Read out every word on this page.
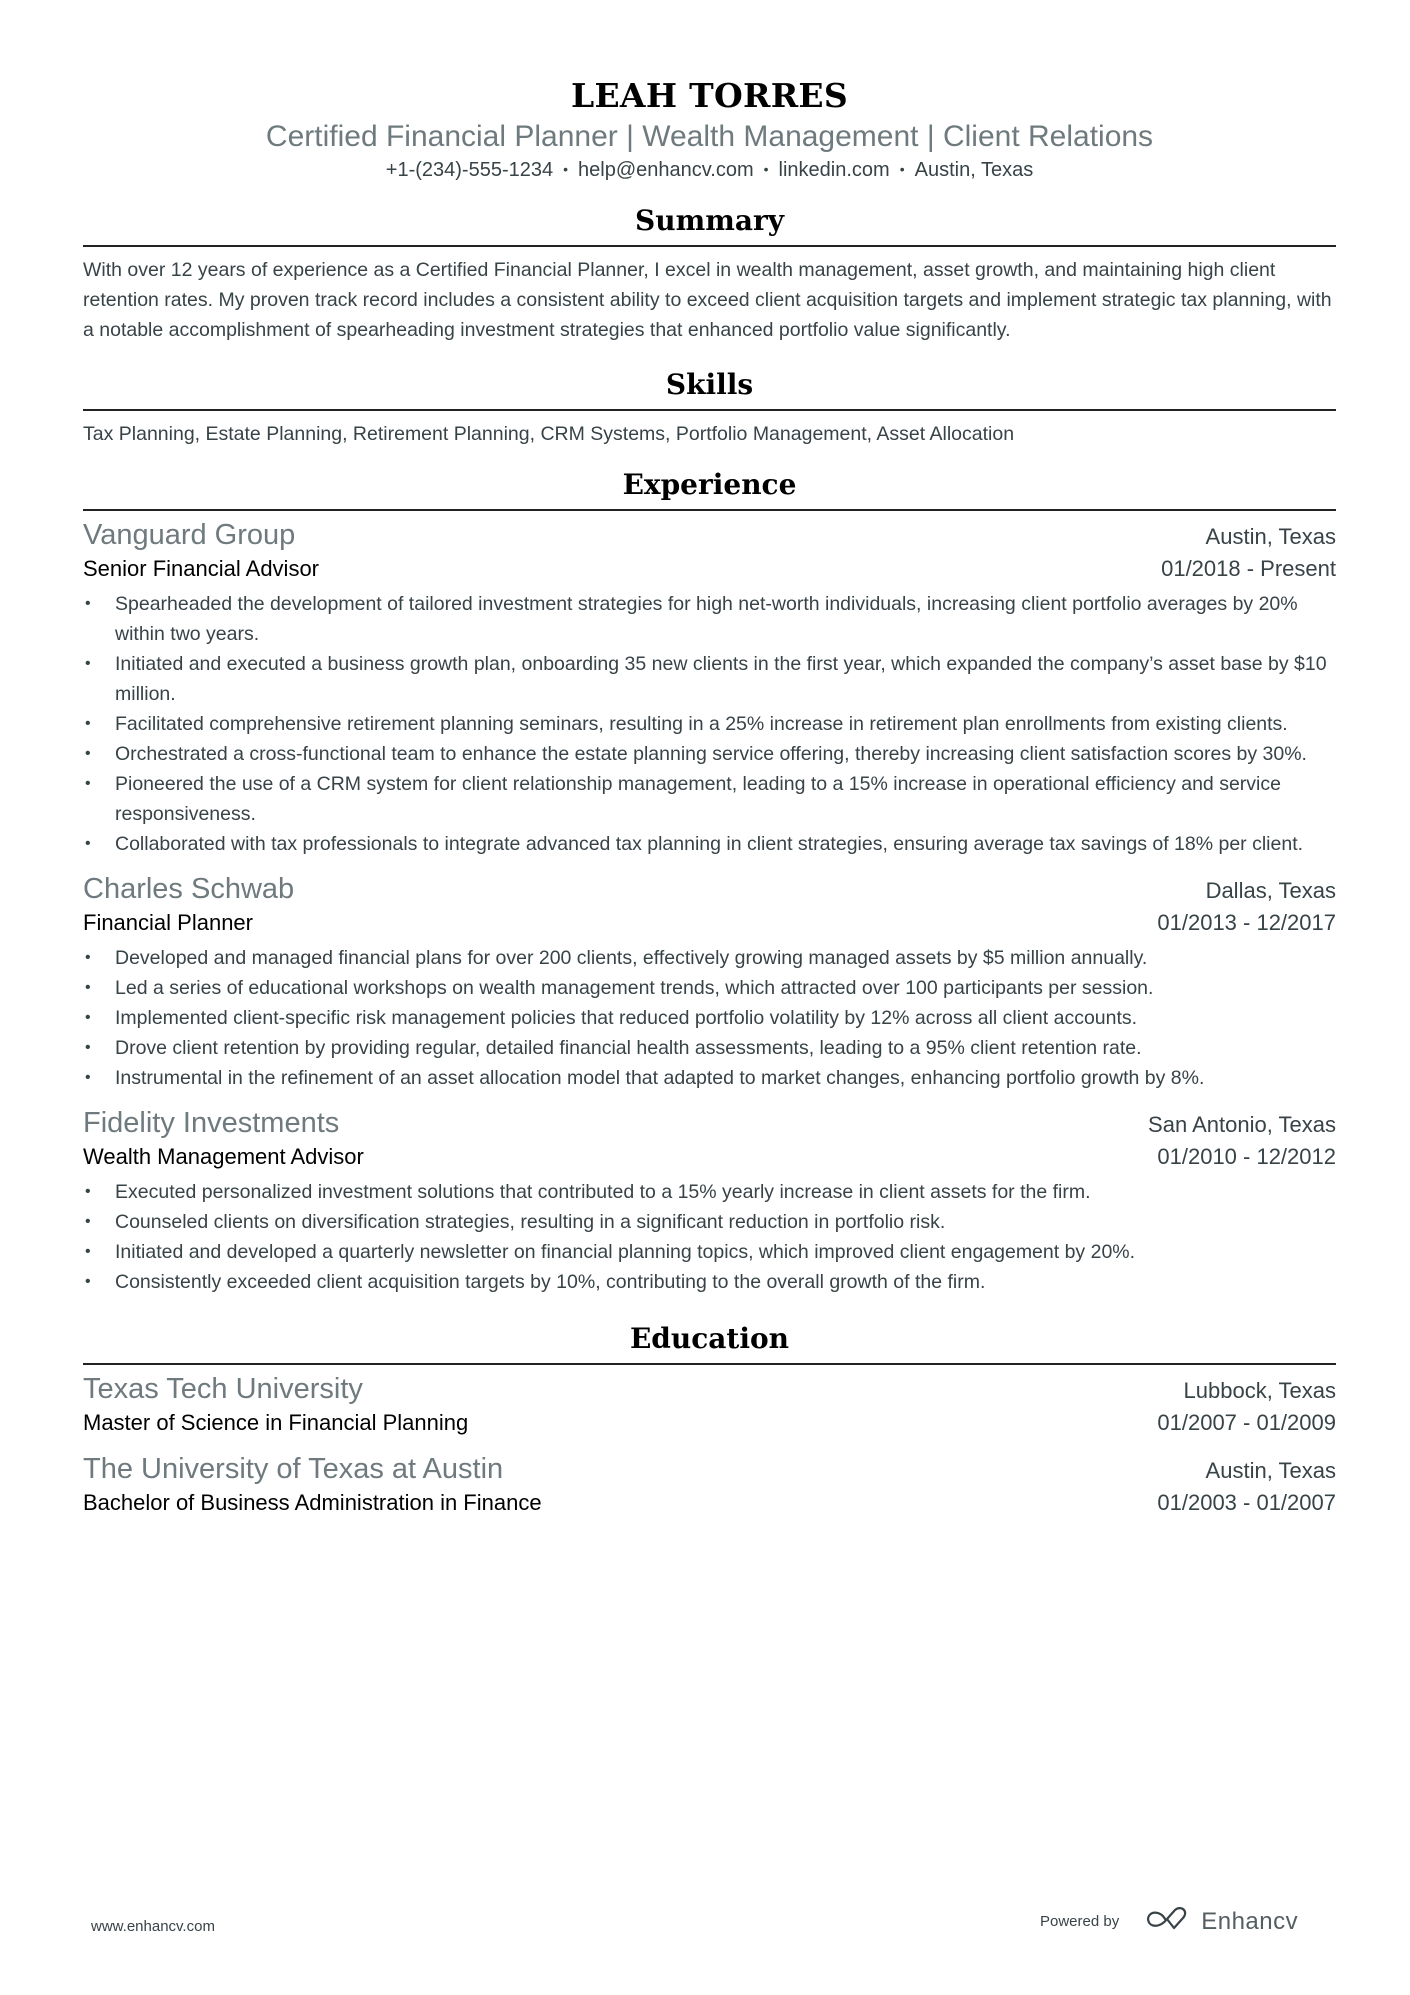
LEAH TORRES
Certified Financial Planner | Wealth Management | Client Relations
+1-(234)-555-1234 • help@enhancv.com • linkedin.com • Austin, Texas
Summary
With over 12 years of experience as a Certified Financial Planner, I excel in wealth management, asset growth, and maintaining high client retention rates. My proven track record includes a consistent ability to exceed client acquisition targets and implement strategic tax planning, with a notable accomplishment of spearheading investment strategies that enhanced portfolio value significantly.
Skills
Tax Planning, Estate Planning, Retirement Planning, CRM Systems, Portfolio Management, Asset Allocation
Experience
Vanguard Group	Austin, Texas
Senior Financial Advisor	01/2018 - Present
• Spearheaded the development of tailored investment strategies for high net-worth individuals, increasing client portfolio averages by 20% within two years.
• Initiated and executed a business growth plan, onboarding 35 new clients in the first year, which expanded the company’s asset base by $10 million.
• Facilitated comprehensive retirement planning seminars, resulting in a 25% increase in retirement plan enrollments from existing clients.
• Orchestrated a cross-functional team to enhance the estate planning service offering, thereby increasing client satisfaction scores by 30%.
• Pioneered the use of a CRM system for client relationship management, leading to a 15% increase in operational efficiency and service responsiveness.
• Collaborated with tax professionals to integrate advanced tax planning in client strategies, ensuring average tax savings of 18% per client.
Charles Schwab	Dallas, Texas
Financial Planner	01/2013 - 12/2017
• Developed and managed financial plans for over 200 clients, effectively growing managed assets by $5 million annually.
• Led a series of educational workshops on wealth management trends, which attracted over 100 participants per session.
• Implemented client-specific risk management policies that reduced portfolio volatility by 12% across all client accounts.
• Drove client retention by providing regular, detailed financial health assessments, leading to a 95% client retention rate.
• Instrumental in the refinement of an asset allocation model that adapted to market changes, enhancing portfolio growth by 8%.
Fidelity Investments	San Antonio, Texas
Wealth Management Advisor	01/2010 - 12/2012
• Executed personalized investment solutions that contributed to a 15% yearly increase in client assets for the firm.
• Counseled clients on diversification strategies, resulting in a significant reduction in portfolio risk.
• Initiated and developed a quarterly newsletter on financial planning topics, which improved client engagement by 20%.
• Consistently exceeded client acquisition targets by 10%, contributing to the overall growth of the firm.
Education
Texas Tech University	Lubbock, Texas
Master of Science in Financial Planning	01/2007 - 01/2009
The University of Texas at Austin	Austin, Texas
Bachelor of Business Administration in Finance	01/2003 - 01/2007
www.enhancv.com	Powered by	Enhancv
